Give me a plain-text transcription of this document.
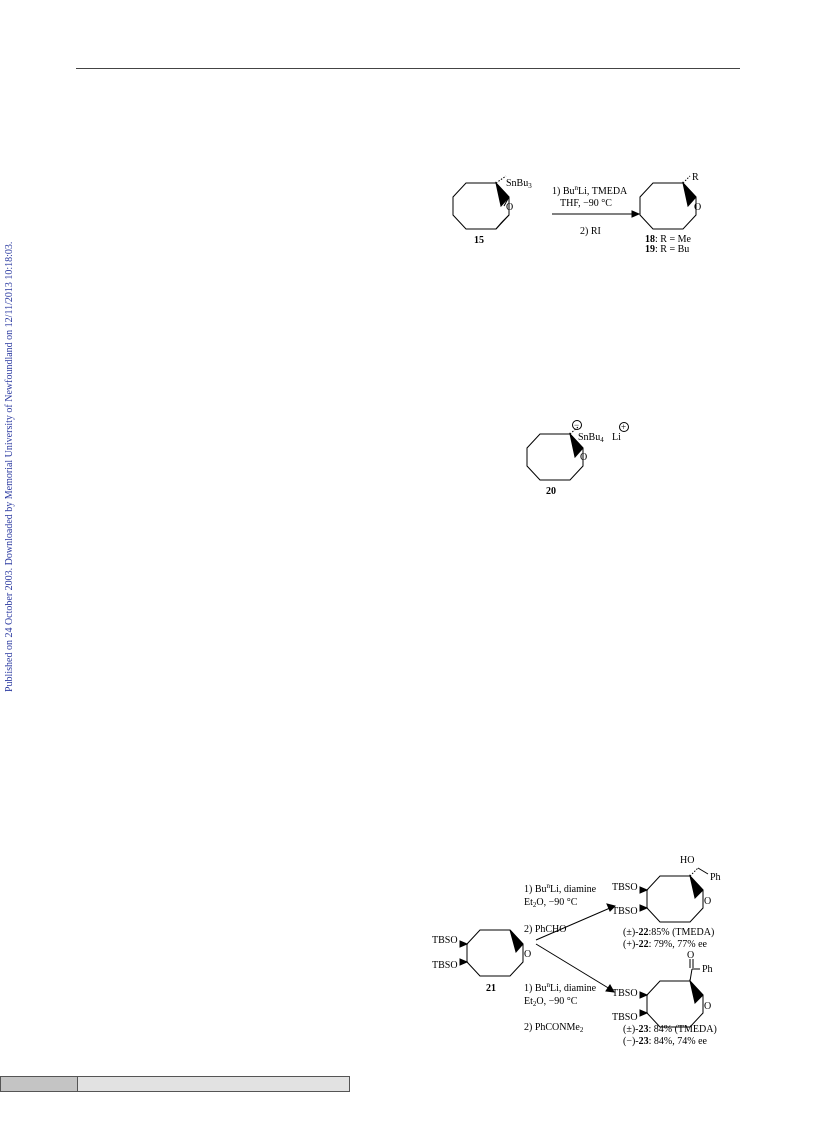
Published on 24 October 2003. Downloaded by Memorial University of Newfoundland on 12/11/2013 10:18:03.
SnBu$_3$
O
15
1) Bu$^n$Li, TMEDA
THF, −90 °C
2) RI
R
O
18: R = Me
19: R = Bu
−	+
SnBu$_4$ Li
O
20
TBSO
TBSO
O
21
1) Bu$^n$Li, diamine
$Et_2O$, −90 °C
2) PhCHO
1) Bu$^n$Li, diamine
$Et_2O$, −90 °C
2) PhCONMe$_2$
HO
Ph
TBSO
TBSO
O
(±)-22:85% (TMEDA)
(+)-22: 79%, 77% ee
O
Ph
TBSO
TBSO
O
(±)-23: 84% (TMEDA)
(−)-23: 84%, 74% ee
